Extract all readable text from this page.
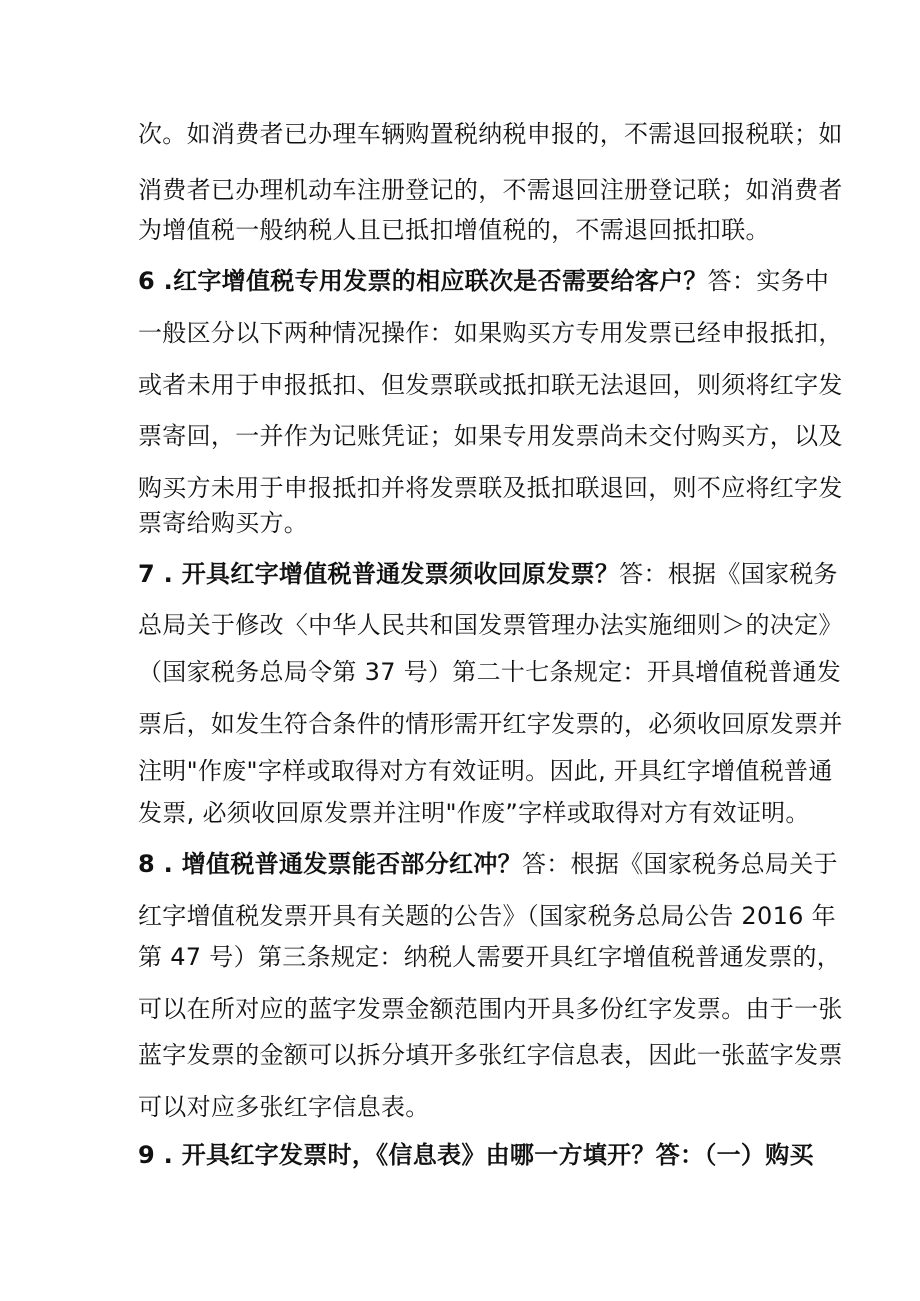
次。如消费者已办理车辆购置税纳税申报的，不需退回报税联；如
消费者已办理机动车注册登记的，不需退回注册登记联；如消费者
为增值税一般纳税人且已抵扣增值税的，不需退回抵扣联。
6 .红字增值税专用发票的相应联次是否需要给客户？答：实务中
一般区分以下两种情况操作：如果购买方专用发票已经申报抵扣，
或者未用于申报抵扣、但发票联或抵扣联无法退回，则须将红字发
票寄回，一并作为记账凭证；如果专用发票尚未交付购买方，以及
购买方未用于申报抵扣并将发票联及抵扣联退回，则不应将红字发
票寄给购买方。
7 . 开具红字增值税普通发票须收回原发票？答：根据《国家税务
总局关于修改〈中华人民共和国发票管理办法实施细则＞的决定》
（国家税务总局令第 37 号）第二十七条规定：开具增值税普通发
票后，如发生符合条件的情形需开红字发票的，必须收回原发票并
注明"作废"字样或取得对方有效证明。因此, 开具红字增值税普通
发票, 必须收回原发票并注明"作废”字样或取得对方有效证明。
8 . 增值税普通发票能否部分红冲？答：根据《国家税务总局关于
红字增值税发票开具有关题的公告》（国家税务总局公告 2016 年
第 47 号）第三条规定：纳税人需要开具红字增值税普通发票的，
可以在所对应的蓝字发票金额范围内开具多份红字发票。由于一张
蓝字发票的金额可以拆分填开多张红字信息表，因此一张蓝字发票
可以对应多张红字信息表。
9 . 开具红字发票时，《信息表》由哪一方填开？答：（一）购买
